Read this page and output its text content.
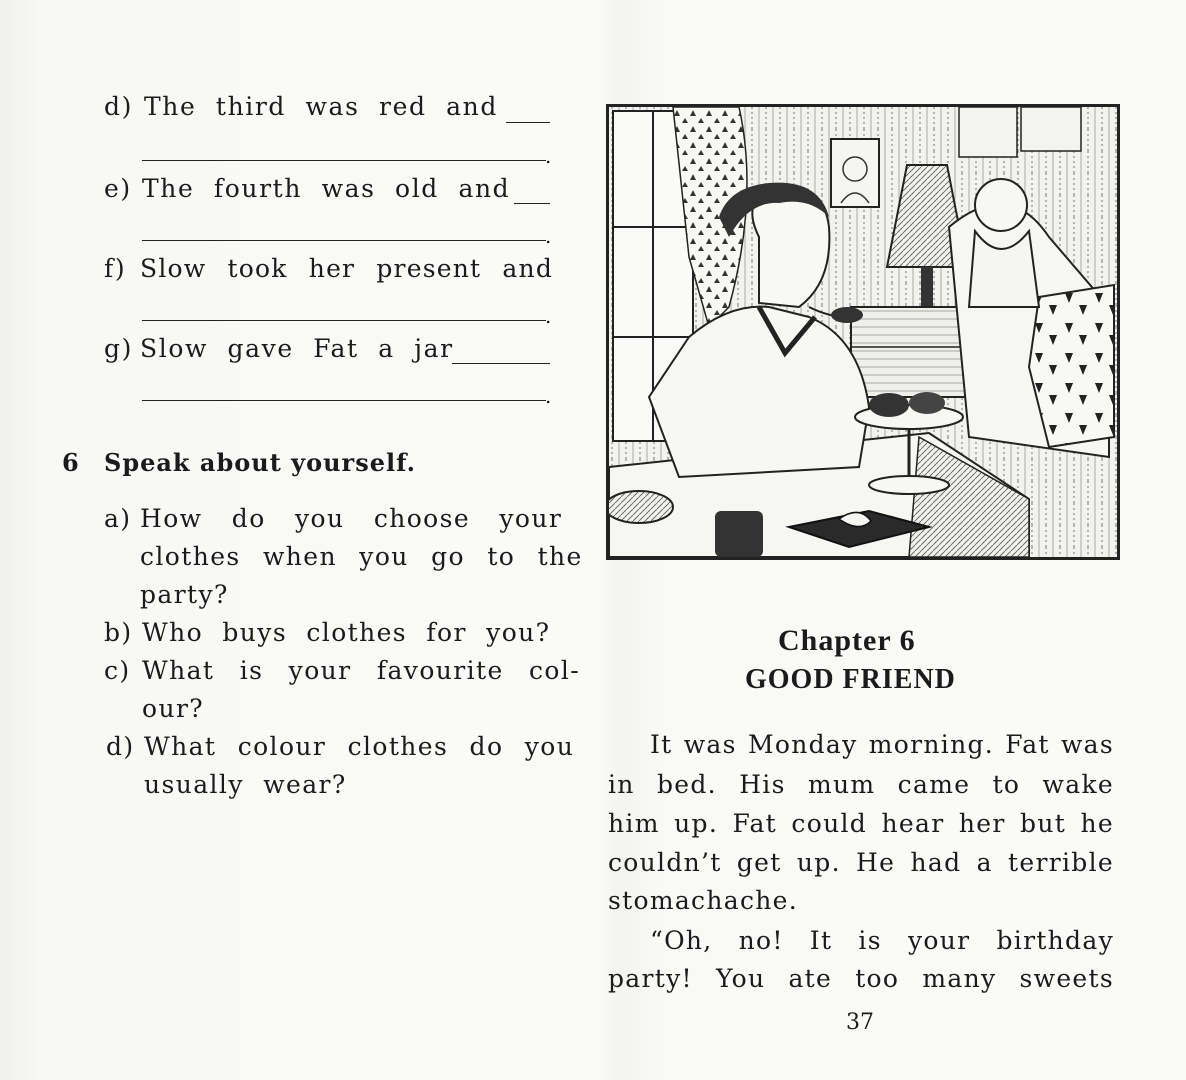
d) The third was red and
.
e) The fourth was old and
.
f) Slow took her present and
.
g) Slow gave Fat a jar
.
6 Speak about yourself.
a) How do you choose your
clothes when you go to the
party?
b) Who buys clothes for you?
c) What is your favourite col-
our?
d) What colour clothes do you
usually wear?
Chapter 6
GOOD FRIEND
It was Monday morning. Fat was
in bed. His mum came to wake
him up. Fat could hear her but he
couldn’t get up. He had a terrible
stomachache.
“Oh, no! It is your birthday
party! You ate too many sweets
37
